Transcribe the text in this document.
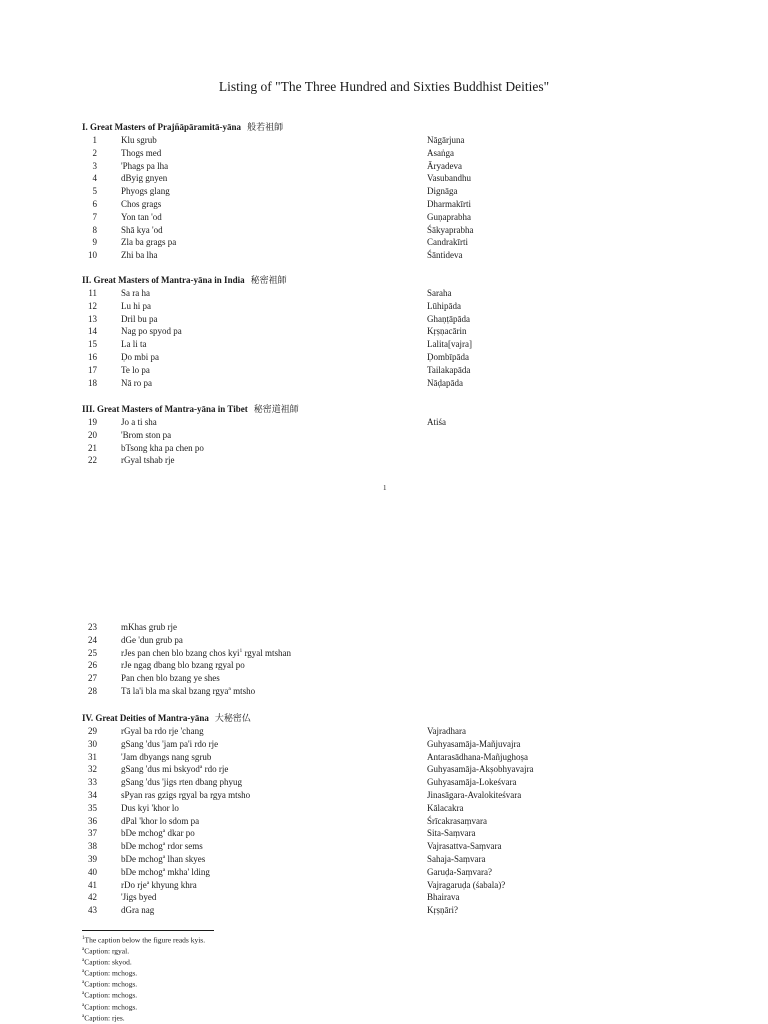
Listing of "The Three Hundred and Sixties Buddhist Deities"
I. Great Masters of Prajñāpāramitā-yāna 般若祖師
1	Klu sgrub	Nāgārjuna
2	Thogs med	Asaṅga
3	'Phags pa lha	Āryadeva
4	dByig gnyen	Vasubandhu
5	Phyogs glang	Dignāga
6	Chos grags	Dharmakīrti
7	Yon tan 'od	Guṇaprabha
8	Shā kya 'od	Śākyaprabha
9	Zla ba grags pa	Candrakīrti
10	Zhi ba lha	Śāntideva
II. Great Masters of Mantra-yāna in India 秘密祖師
11	Sa ra ha	Saraha
12	Lu hi pa	Lūhipāda
13	Dril bu pa	Ghaṇṭāpāda
14	Nag po spyod pa	Kṛṣṇacārin
15	La li ta	Lalita[vajra]
16	Ḍo mbi pa	Ḍombīpāda
17	Te lo pa	Tailakapāda
18	Nā ro pa	Nāḍapāda
III. Great Masters of Mantra-yāna in Tibet 秘密道祖師
19	Jo a ti sha	Atiśa
20	'Brom ston pa
21	bTsong kha pa chen po
22	rGyal tshab rje
1
23	mKhas grub rje
24	dGe 'dun grub pa
25	rJes pan chen blo bzang chos kyi$^1$ rgyal mtshan
26	rJe ngag dbang blo bzang rgyal po
27	Pan chen blo bzang ye shes
28	Tā la'i bla ma skal bzang rgya$^a$ mtsho
IV. Great Deities of Mantra-yāna 大秘密仏
29	rGyal ba rdo rje 'chang	Vajradhara
30	gSang 'dus 'jam pa'i rdo rje	Guhyasamāja-Mañjuvajra
31	'Jam dbyangs nang sgrub	Antarasādhana-Mañjughoṣa
32	gSang 'dus mi bskyod$^a$ rdo rje	Guhyasamāja-Akṣobhyavajra
33	gSang 'dus 'jigs rten dbang phyug	Guhyasamāja-Lokeśvara
34	sPyan ras gzigs rgyal ba rgya mtsho	Jinasāgara-Avalokiteśvara
35	Dus kyi 'khor lo	Kālacakra
36	dPal 'khor lo sdom pa	Śrīcakrasaṃvara
37	bDe mchog$^a$ dkar po	Sita-Saṃvara
38	bDe mchog$^a$ rdor sems	Vajrasattva-Saṃvara
39	bDe mchog$^a$ lhan skyes	Sahaja-Saṃvara
40	bDe mchog$^a$ mkha' lding	Garuḍa-Saṃvara?
41	rDo rje$^a$ khyung khra	Vajragaruḍa (śabala)?
42	'Jigs byed	Bhairava
43	dGra nag	Kṛṣṇāri?
$^1$The caption below the figure reads kyis.
$^a$Caption: rgyal.
$^a$Caption: skyod.
$^a$Caption: mchogs.
$^a$Caption: mchogs.
$^a$Caption: mchogs.
$^a$Caption: mchogs.
$^a$Caption: rjes.
